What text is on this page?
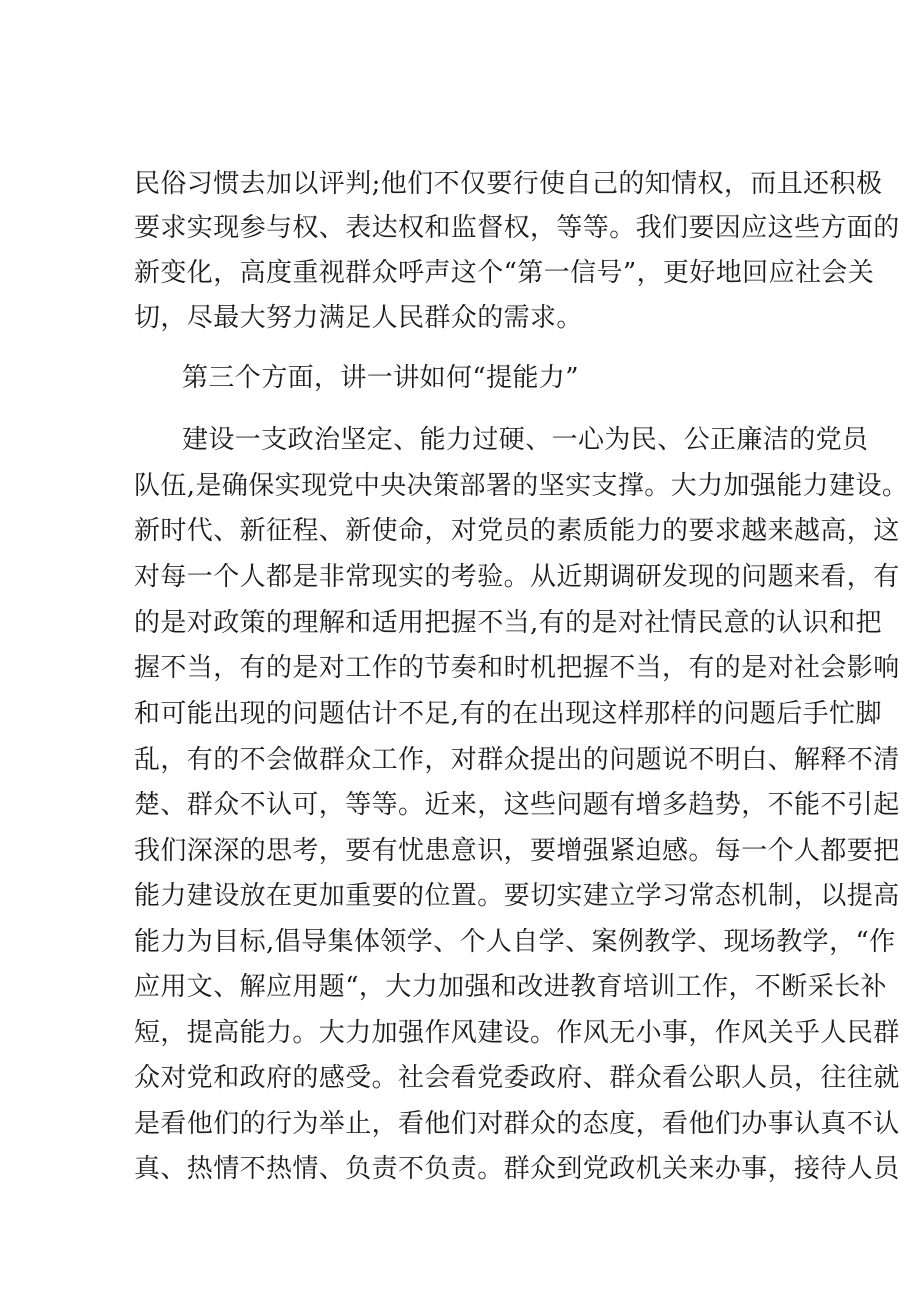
民俗习惯去加以评判;他们不仅要行使自己的知情权，而且还积极
要求实现参与权、表达权和监督权，等等。我们要因应这些方面的
新变化，高度重视群众呼声这个“第一信号”，更好地回应社会关
切，尽最大努力满足人民群众的需求。
第三个方面，讲一讲如何“提能力”
建设一支政治坚定、能力过硬、一心为民、公正廉洁的党员
队伍,是确保实现党中央决策部署的坚实支撑。大力加强能力建设。
新时代、新征程、新使命，对党员的素质能力的要求越来越高，这
对每一个人都是非常现实的考验。从近期调研发现的问题来看，有
的是对政策的理解和适用把握不当,有的是对社情民意的认识和把
握不当，有的是对工作的节奏和时机把握不当，有的是对社会影响
和可能出现的问题估计不足,有的在出现这样那样的问题后手忙脚
乱，有的不会做群众工作，对群众提出的问题说不明白、解释不清
楚、群众不认可，等等。近来，这些问题有增多趋势，不能不引起
我们深深的思考，要有忧患意识，要增强紧迫感。每一个人都要把
能力建设放在更加重要的位置。要切实建立学习常态机制，以提高
能力为目标,倡导集体领学、个人自学、案例教学、现场教学，“作
应用文、解应用题“，大力加强和改进教育培训工作，不断采长补
短，提高能力。大力加强作风建设。作风无小事，作风关乎人民群
众对党和政府的感受。社会看党委政府、群众看公职人员，往往就
是看他们的行为举止，看他们对群众的态度，看他们办事认真不认
真、热情不热情、负责不负责。群众到党政机关来办事，接待人员
